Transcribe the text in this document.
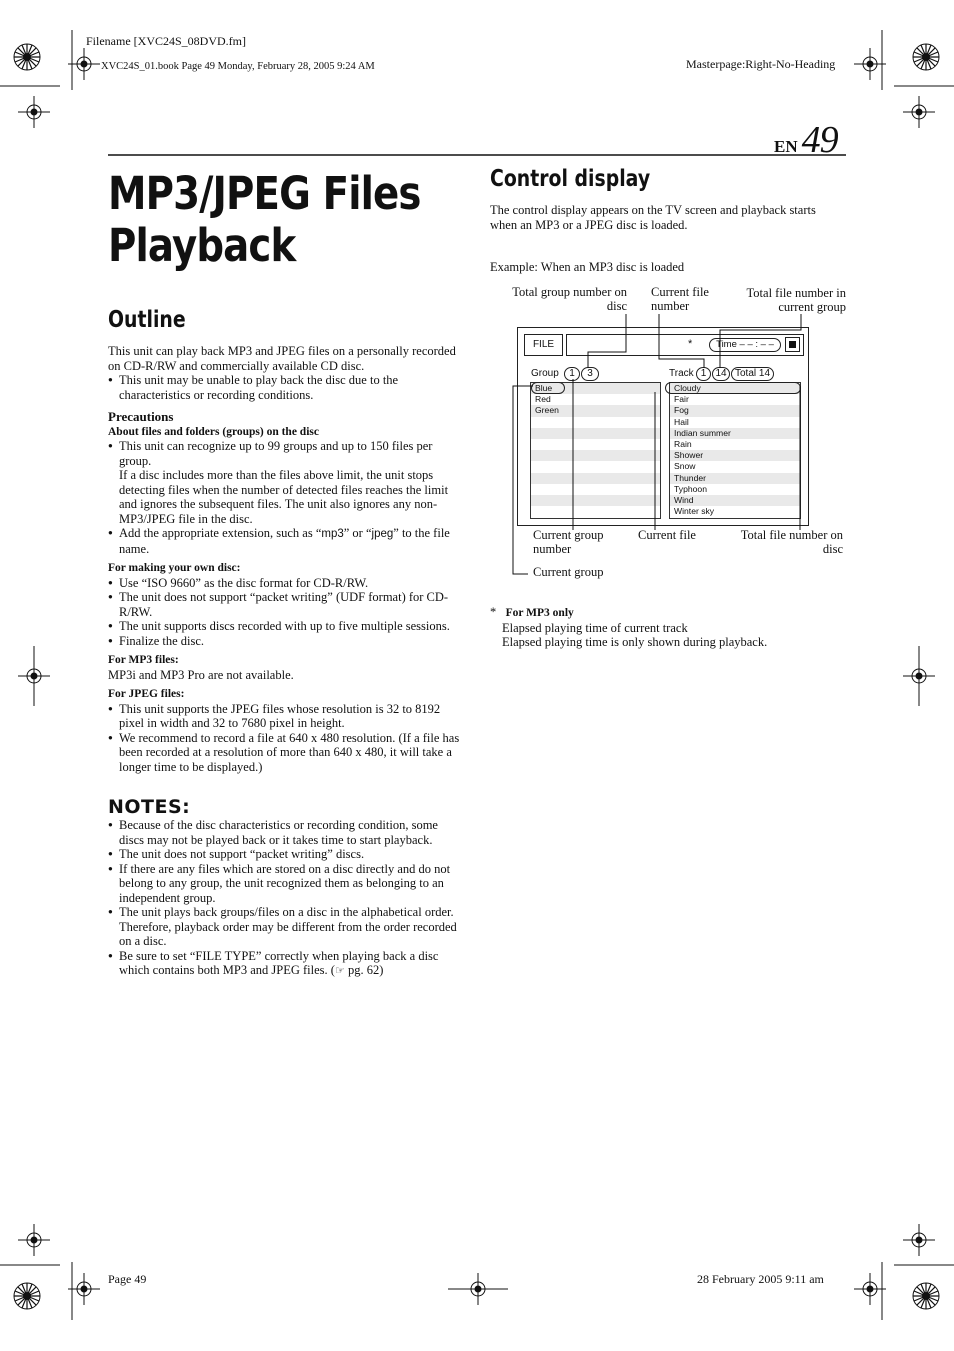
Filename [XVC24S_08DVD.fm]
XVC24S_01.book Page 49 Monday, February 28, 2005 9:24 AM	Masterpage:Right-No-Heading
EN 49
MP3/JPEG Files
Playback
Outline

This unit can play back MP3 and JPEG files on a personally recorded on CD-R/RW and commercially available CD disc.

● This unit may be unable to play back the disc due to the characteristics or recording conditions.

Precautions

About files and folders (groups) on the disc

● This unit can recognize up to 99 groups and up to 150 files per group.

If a disc includes more than the files above limit, the unit stops detecting files when the number of detected files reaches the limit and ignores the subsequent files. The unit also ignores any non-MP3/JPEG file in the disc.

● Add the appropriate extension, such as “mp3” or “jpeg” to the file name.

For making your own disc:

● Use “ISO 9660” as the disc format for CD-R/RW.

● The unit does not support “packet writing” (UDF format) for CD-R/RW.

● The unit supports discs recorded with up to five multiple sessions.

● Finalize the disc.

For MP3 files:

MP3i and MP3 Pro are not available.

For JPEG files:

● This unit supports the JPEG files whose resolution is 32 to 8192 pixel in width and 32 to 7680 pixel in height.

● We recommend to record a file at 640 x 480 resolution. (If a file has been recorded at a resolution of more than 640 x 480, it will take a longer time to be displayed.)

NOTES:

● Because of the disc characteristics or recording condition, some discs may not be played back or it takes time to start playback.

● The unit does not support “packet writing” discs.

● If there are any files which are stored on a disc directly and do not belong to any group, the unit recognized them as belonging to an independent group.

● The unit plays back groups/files on a disc in the alphabetical order. Therefore, playback order may be different from the order recorded on a disc.

● Be sure to set “FILE TYPE” correctly when playing back a disc which contains both MP3 and JPEG files. (☞ pg. 62)

Control display
The control display appears on the TV screen and playback starts when an MP3 or a JPEG disc is loaded.
Example: When an MP3 disc is loaded
Total group number on disc
Current file number
Total file number in current group
FILE	*	Time – – : – –
Group	1	3	Track 1 14 Total 14
Blue
Red
Green

Cloudy
Fair
Fog
Hail
Indian summer
Rain
Shower
Snow
Thunder
Typhoon
Wind
Winter sky
Current group number
Current file	Total file number on disc
Current group

* For MP3 only

Elapsed playing time of current track

Elapsed playing time is only shown during playback.

Page 49	28 February 2005 9:11 am
